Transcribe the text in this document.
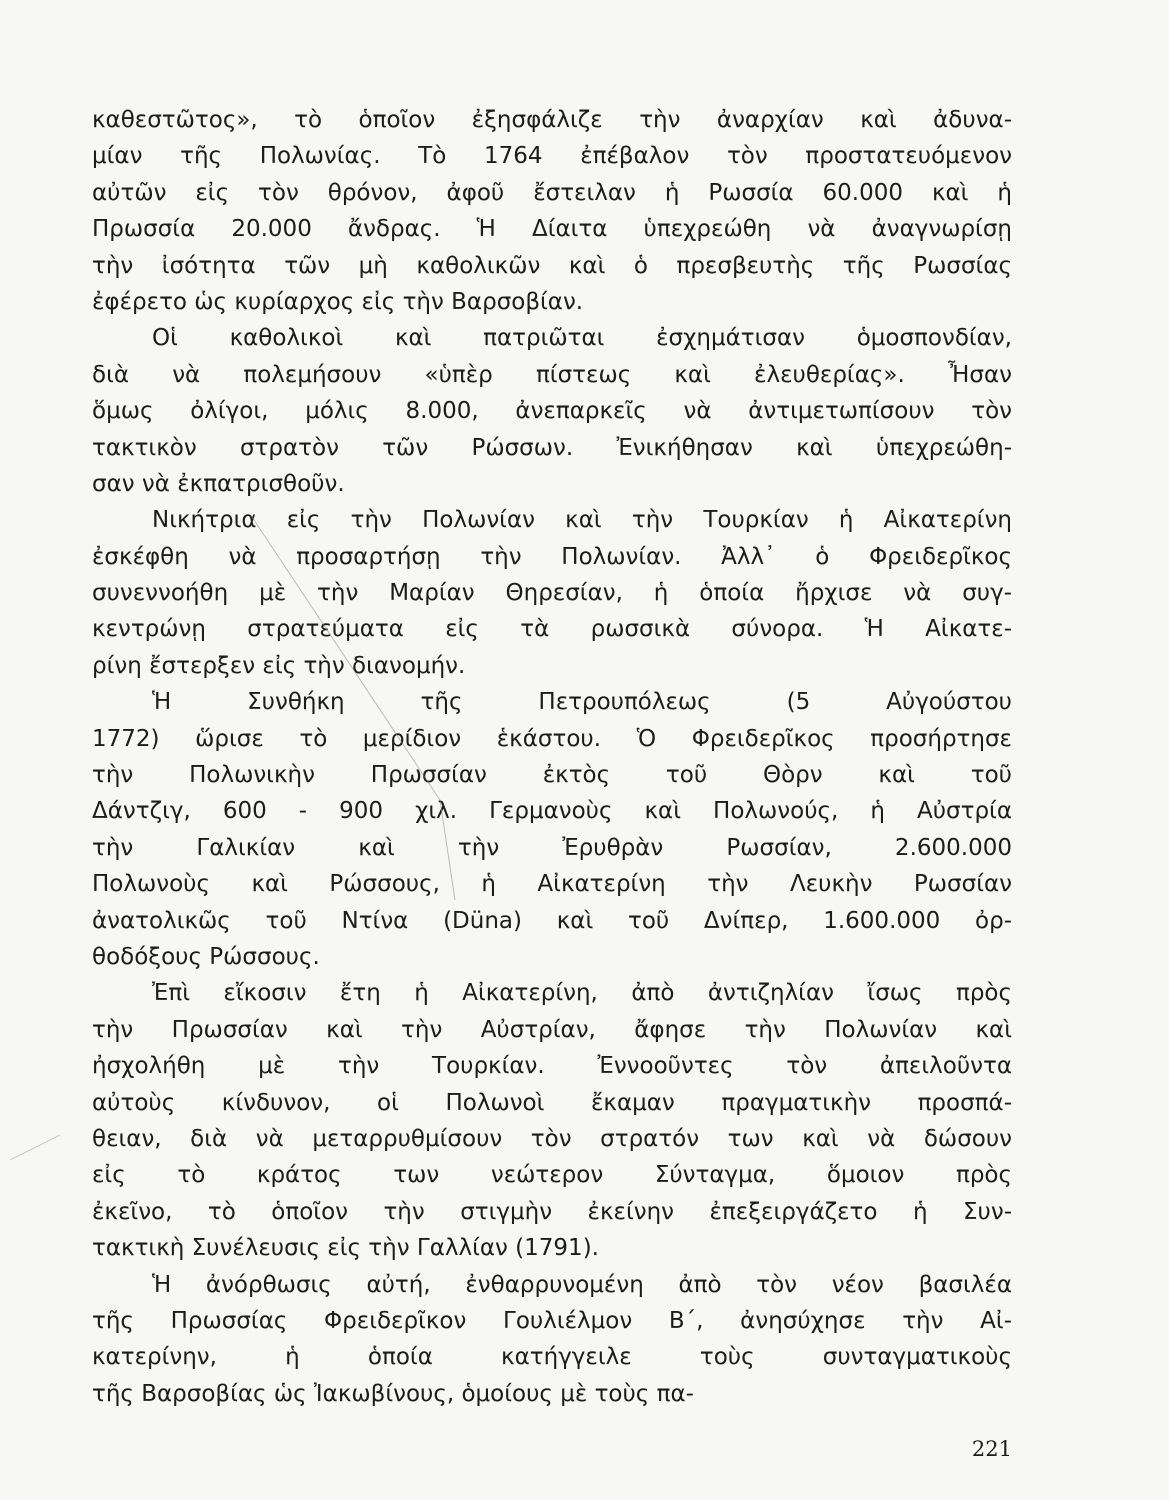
καθεστῶτος», τὸ ὁποῖον ἐξησφάλιζε τὴν ἀναρχίαν καὶ ἀδυνα-
μίαν τῆς Πολωνίας. Τὸ 1764 ἐπέβαλον τὸν προστατευόμενον
αὐτῶν εἰς τὸν θρόνον, ἀφοῦ ἔστειλαν ἡ Ρωσσία 60.000 καὶ ἡ
Πρωσσία 20.000 ἄνδρας. Ἡ Δίαιτα ὑπεχρεώθη νὰ ἀναγνωρίσῃ
τὴν ἰσότητα τῶν μὴ καθολικῶν καὶ ὁ πρεσβευτὴς τῆς Ρωσσίας
ἐφέρετο ὡς κυρίαρχος εἰς τὴν Βαρσοβίαν.
Οἱ καθολικοὶ καὶ πατριῶται ἐσχημάτισαν ὁμοσπονδίαν,
διὰ νὰ πολεμήσουν «ὑπὲρ πίστεως καὶ ἐλευθερίας». Ἦσαν
ὅμως ὀλίγοι, μόλις 8.000, ἀνεπαρκεῖς νὰ ἀντιμετωπίσουν τὸν
τακτικὸν στρατὸν τῶν Ρώσσων. Ἐνικήθησαν καὶ ὑπεχρεώθη-
σαν νὰ ἐκπατρισθοῦν.
Νικήτρια εἰς τὴν Πολωνίαν καὶ τὴν Τουρκίαν ἡ Αἰκατερίνη
ἐσκέφθη νὰ προσαρτήσῃ τὴν Πολωνίαν. Ἀλλ᾿ ὁ Φρειδερῖκος
συνεννοήθη μὲ τὴν Μαρίαν Θηρεσίαν, ἡ ὁποία ἤρχισε νὰ συγ-
κεντρώνῃ στρατεύματα εἰς τὰ ρωσσικὰ σύνορα. Ἡ Αἰκατε-
ρίνη ἔστερξεν εἰς τὴν διανομήν.
Ἡ Συνθήκη τῆς Πετρουπόλεως (5 Αὐγούστου
1772) ὥρισε τὸ μερίδιον ἑκάστου. Ὁ Φρειδερῖκος προσήρτησε
τὴν Πολωνικὴν Πρωσσίαν ἐκτὸς τοῦ Θὸρν καὶ τοῦ
Δάντζιγ, 600 - 900 χιλ. Γερμανοὺς καὶ Πολωνούς, ἡ Αὐστρία
τὴν Γαλικίαν καὶ τὴν Ἐρυθρὰν Ρωσσίαν, 2.600.000
Πολωνοὺς καὶ Ρώσσους, ἡ Αἰκατερίνη τὴν Λευκὴν Ρωσσίαν
ἀνατολικῶς τοῦ Ντίνα (Düna) καὶ τοῦ Δνίπερ, 1.600.000 ὀρ-
θοδόξους Ρώσσους.
Ἐπὶ εἴκοσιν ἔτη ἡ Αἰκατερίνη, ἀπὸ ἀντιζηλίαν ἴσως πρὸς
τὴν Πρωσσίαν καὶ τὴν Αὐστρίαν, ἄφησε τὴν Πολωνίαν καὶ
ἠσχολήθη μὲ τὴν Τουρκίαν. Ἐννοοῦντες τὸν ἀπειλοῦντα
αὐτοὺς κίνδυνον, οἱ Πολωνοὶ ἔκαμαν πραγματικὴν προσπά-
θειαν, διὰ νὰ μεταρρυθμίσουν τὸν στρατόν των καὶ νὰ δώσουν
εἰς τὸ κράτος των νεώτερον Σύνταγμα, ὅμοιον πρὸς
ἐκεῖνο, τὸ ὁποῖον τὴν στιγμὴν ἐκείνην ἐπεξειργάζετο ἡ Συν-
τακτικὴ Συνέλευσις εἰς τὴν Γαλλίαν (1791).
Ἡ ἀνόρθωσις αὐτή, ἐνθαρρυνομένη ἀπὸ τὸν νέον βασιλέα
τῆς Πρωσσίας Φρειδερῖκον Γουλιέλμον Β΄, ἀνησύχησε τὴν Αἰ-
κατερίνην, ἡ ὁποία κατήγγειλε τοὺς συνταγματικοὺς
τῆς Βαρσοβίας ὡς Ἰακωβίνους, ὁμοίους μὲ τοὺς πα-
221
